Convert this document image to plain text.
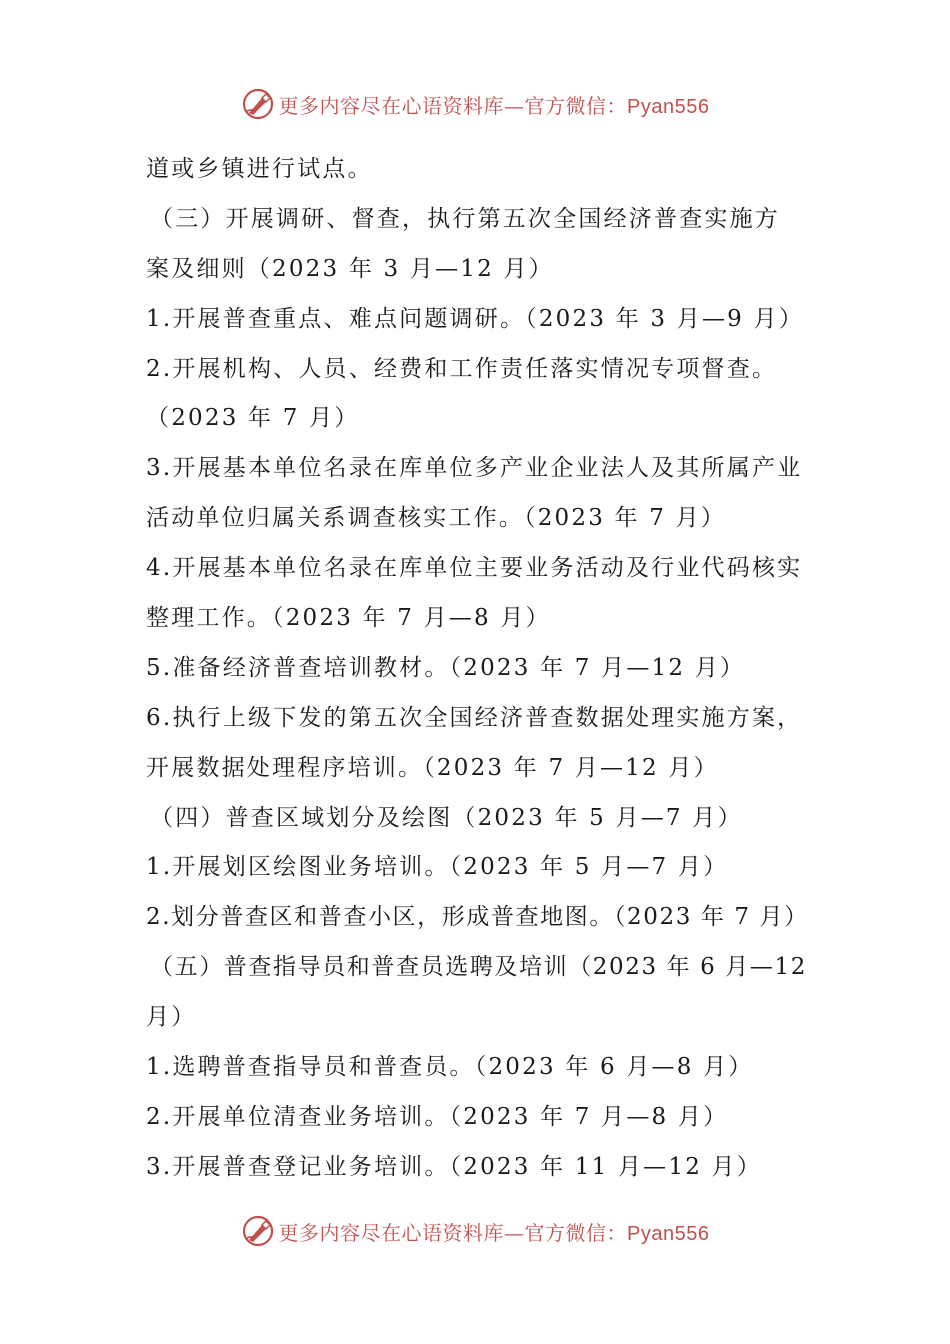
更多内容尽在心语资料库—官方微信：Pyan556
道或乡镇进行试点。
（三）开展调研、督查，执行第五次全国经济普查实施方
案及细则（2023 年 3 月—12 月）
1.开展普查重点、难点问题调研。（2023 年 3 月—9 月）
2.开展机构、人员、经费和工作责任落实情况专项督查。
（2023 年 7 月）
3.开展基本单位名录在库单位多产业企业法人及其所属产业
活动单位归属关系调查核实工作。（2023 年 7 月）
4.开展基本单位名录在库单位主要业务活动及行业代码核实
整理工作。（2023 年 7 月—8 月）
5.准备经济普查培训教材。（2023 年 7 月—12 月）
6.执行上级下发的第五次全国经济普查数据处理实施方案，
开展数据处理程序培训。（2023 年 7 月—12 月）
（四）普查区域划分及绘图（2023 年 5 月—7 月）
1.开展划区绘图业务培训。（2023 年 5 月—7 月）
2.划分普查区和普查小区，形成普查地图。（2023 年 7 月）
（五）普查指导员和普查员选聘及培训（2023 年 6 月—12
月）
1.选聘普查指导员和普查员。（2023 年 6 月—8 月）
2.开展单位清查业务培训。（2023 年 7 月—8 月）
3.开展普查登记业务培训。（2023 年 11 月—12 月）
更多内容尽在心语资料库—官方微信：Pyan556
